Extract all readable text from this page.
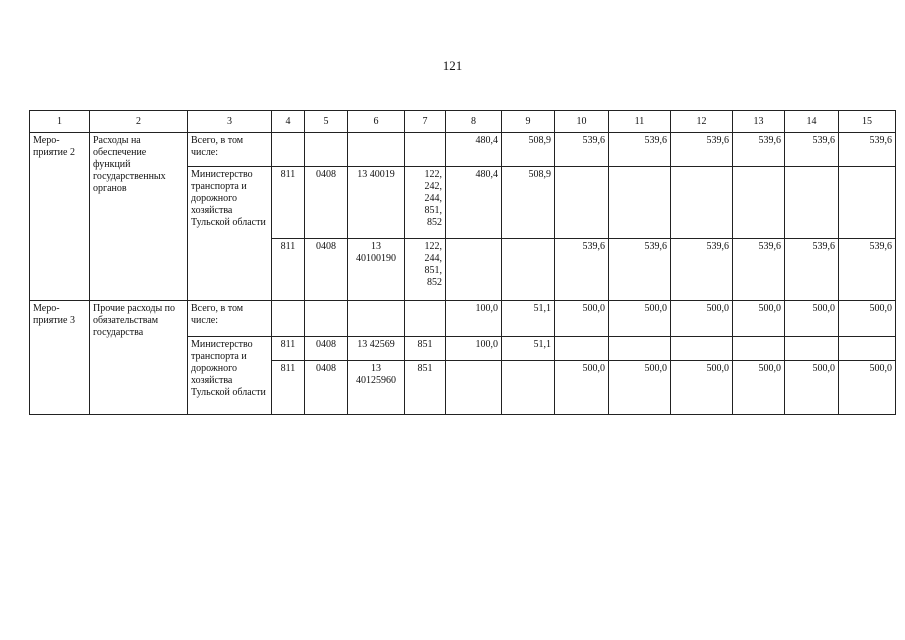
121
1	2	3	4	5	6	7	8	9	10	11	12	13	14	15
Меро-
приятие 2	Расходы на обеспечение функций государственных органов	Всего, в том числе:					480,4	508,9	539,6	539,6	539,6	539,6	539,6	539,6
		Министерство транспорта и дорожного хозяйства Тульской области	811	0408	13 40019	122, 242, 244, 851, 852	480,4	508,9						
			811	0408	13 40100190	122, 244, 851, 852			539,6	539,6	539,6	539,6	539,6	539,6
Меро-
приятие 3	Прочие расходы по обязательствам государства	Всего, в том числе:					100,0	51,1	500,0	500,0	500,0	500,0	500,0	500,0
		Министерство транспорта и дорожного хозяйства Тульской области	811	0408	13 42569	851	100,0	51,1						
			811	0408	13 40125960	851			500,0	500,0	500,0	500,0	500,0	500,0
